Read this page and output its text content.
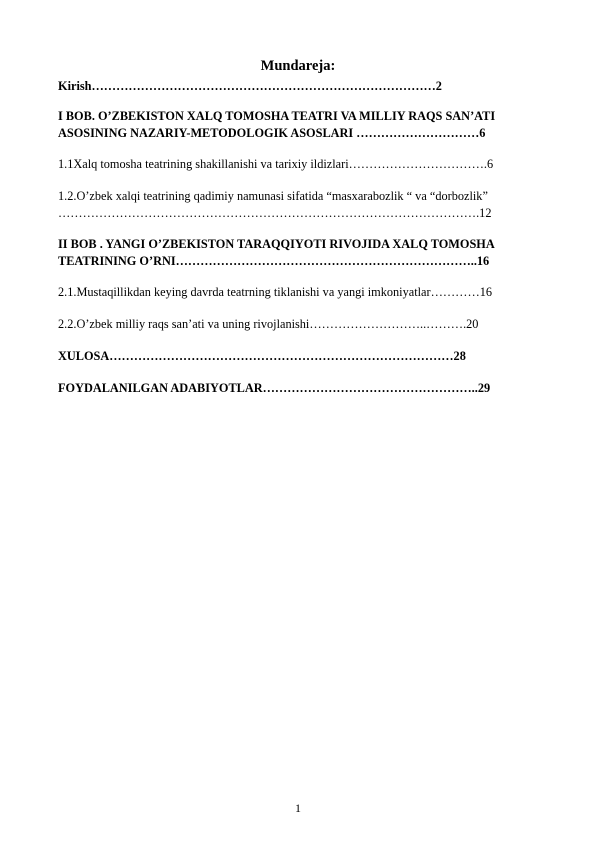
Mundareja:
Kirish…………………………………………………………………………2
I BOB. O’ZBEKISTON XALQ TOMOSHA TEATRI VA MILLIY RAQS SAN’ATI
ASOSINING NAZARIY-METODOLOGIK ASOSLARI …………………………6
1.1Xalq tomosha teatrining shakillanishi va tarixiy ildizlari…………………………….6
1.2.O’zbek xalqi teatrining qadimiy namunasi sifatida “masxarabozlik “ va “dorbozlik”
………………………………………………………………………………………….12
II BOB . YANGI O’ZBEKISTON TARAQQIYOTI RIVOJIDA XALQ TOMOSHA
TEATRINING O’RNI………………………………………………………………..16
2.1.Mustaqillikdan keying davrda teatrning tiklanishi va yangi imkoniyatlar…………16
2.2.O’zbek milliy raqs san’ati va uning rivojlanishi………………………..……….20
XULOSA…………………………………………………………………………28
FOYDALANILGAN ADABIYOTLAR……………………………………………..29
1
